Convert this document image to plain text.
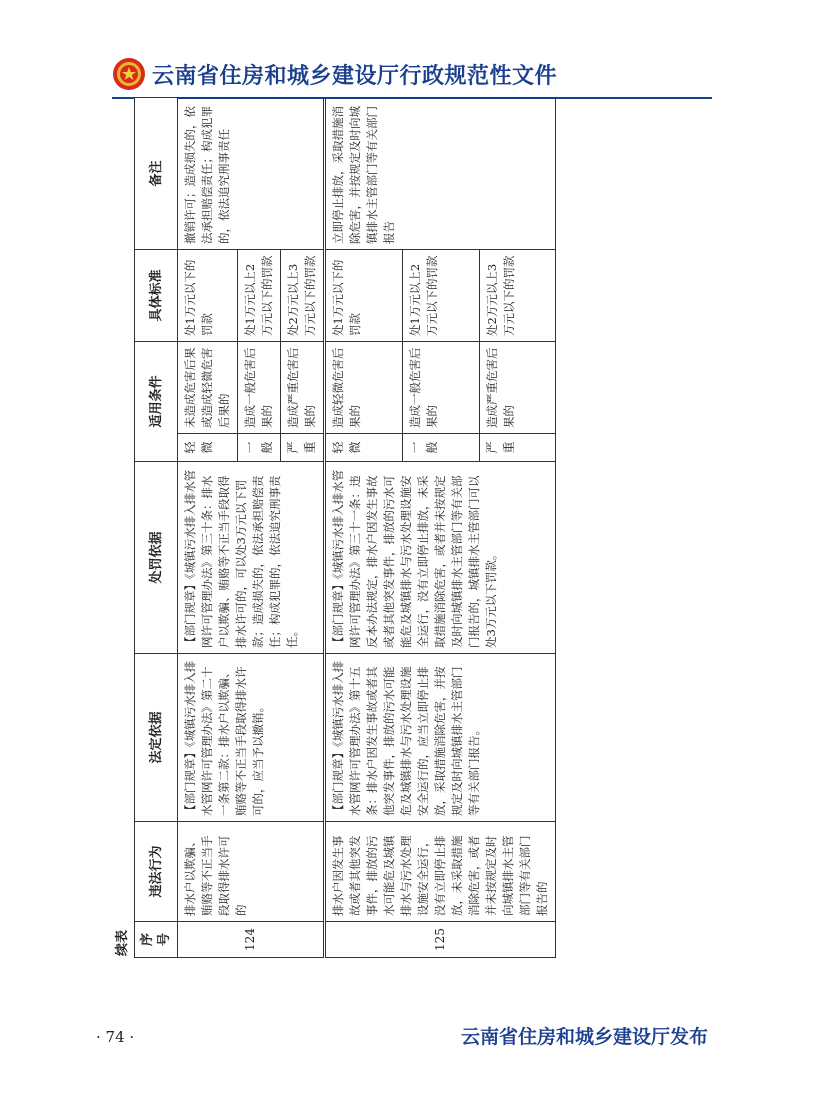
云南省住房和城乡建设厅行政规范性文件
续表 序号	违法行为	法定依据	处罚依据	适用条件		具体标准	备注
124	排水户以欺骗、贿赂等不正当手段取得排水许可的	【部门规章】《城镇污水排入排水管网许可管理办法》第二十一条第二款：排水户以欺骗、贿赂等不正当手段取得排水许可的，应当予以撤销。	【部门规章】《城镇污水排入排水管网许可管理办法》第三十条：排水户以欺骗、贿赂等不正当手段取得排水许可的，可以处3万元以下罚款；造成损失的，依法承担赔偿责任；构成犯罪的，依法追究刑事责任。	轻微	未造成危害后果或造成轻微危害后果的	处1万元以下的罚款	撤销许可；造成损失的，依法承担赔偿责任；构成犯罪的，依法追究刑事责任
				一般	造成一般危害后果的	处1万元以上2万元以下的罚款	
				严重	造成严重危害后果的	处2万元以上3万元以下的罚款	
125	排水户因发生事故或者其他突发事件，排放的污水可能危及城镇排水与污水处理设施安全运行，没有立即停止排放，未采取措施消除危害，或者并未按规定及时向城镇排水主管部门等有关部门报告的	【部门规章】《城镇污水排入排水管网许可管理办法》第十五条：排水户因发生事故或者其他突发事件，排放的污水可能危及城镇排水与污水处理设施安全运行的，应当立即停止排放，采取措施消除危害，并按规定及时向城镇排水主管部门等有关部门报告。	【部门规章】《城镇污水排入排水管网许可管理办法》第三十一条：违反本办法规定，排水户因发生事故或者其他突发事件，排放的污水可能危及城镇排水与污水处理设施安全运行，没有立即停止排放，未采取措施消除危害，或者并未按规定及时向城镇排水主管部门等有关部门报告的，城镇排水主管部门可以处3万元以下罚款。	轻微	造成轻微危害后果的	处1万元以下的罚款	立即停止排放，采取措施消除危害，并按规定及时向城镇排水主管部门等有关部门报告
				一般	造成一般危害后果的	处1万元以上2万元以下的罚款	
				严重	造成严重危害后果的	处2万元以上3万元以下的罚款	
· 74 ·	云南省住房和城乡建设厅发布
